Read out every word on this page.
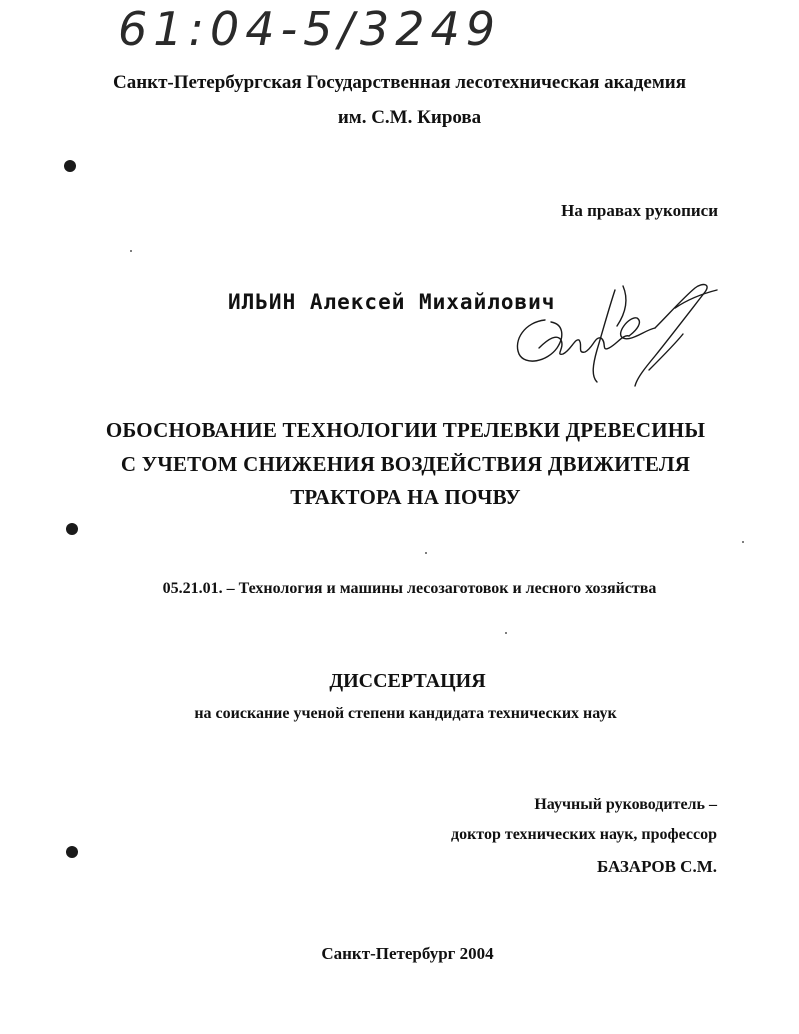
61:04-5/3249
Санкт-Петербургская Государственная лесотехническая академия
им. С.М. Кирова
На правах рукописи
ИЛЬИН Алексей Михайлович
ОБОСНОВАНИЕ ТЕХНОЛОГИИ ТРЕЛЕВКИ ДРЕВЕСИНЫ
С УЧЕТОМ СНИЖЕНИЯ ВОЗДЕЙСТВИЯ ДВИЖИТЕЛЯ
ТРАКТОРА НА ПОЧВУ
05.21.01. – Технология и машины лесозаготовок и лесного хозяйства
ДИССЕРТАЦИЯ
на соискание ученой степени кандидата технических наук
Научный руководитель –
доктор технических наук, профессор
БАЗАРОВ С.М.
Санкт-Петербург 2004
